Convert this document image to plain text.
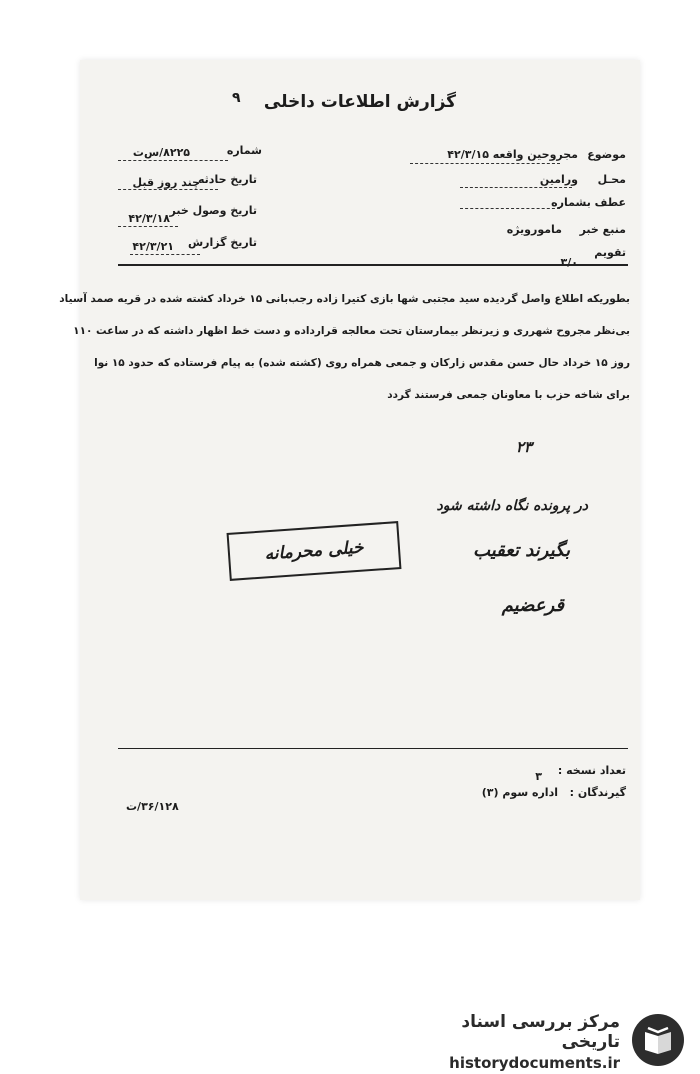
۹	گزارش اطلاعات داخلی
شماره
۸۲۲۵/س‌ت
تاریخ حادثه
چند روز قبل
تاریخ وصول خبر
۴۲/۳/۱۸
تاریخ گزارش
۴۲/۳/۲۱
موضوع
مجروحین واقعه ۴۲/۳/۱۵
محـل
ورامین
عطف بشماره
منبع خبر
مامورویژه
تقویم
۳/۰
بطوریکه اطلاع واصل گردیده سید مجتبی شها بازی کتیرا زاده رجب‌بانی ۱۵ خرداد کشته شده در قریه صمد آسیاد
بی‌نظر مجروح شهرری و زیر‌نظر بیمارستان تحت معالجه قرارداده و دست خط اظهار داشته که در ساعت ۱۱۰
روز ۱۵ خرداد حال حسن مقدس زارکان و جمعی همراه روی (کشته شده) به پیام فرستاده که حدود ۱۵ نوا
برای شاخه حزب با معاونان جمعی فرستند گردد
۲۳
در پرونده نگاه داشته شود
بگیرند تعقیب
قرعضیم
خیلی محرمانه
تعداد نسخه :
۳
گیرندگان :
اداره سوم (۳)
۳۶/۱۲۸/ت
مرکز بررسی اسناد تاریخی
historydocuments.ir
